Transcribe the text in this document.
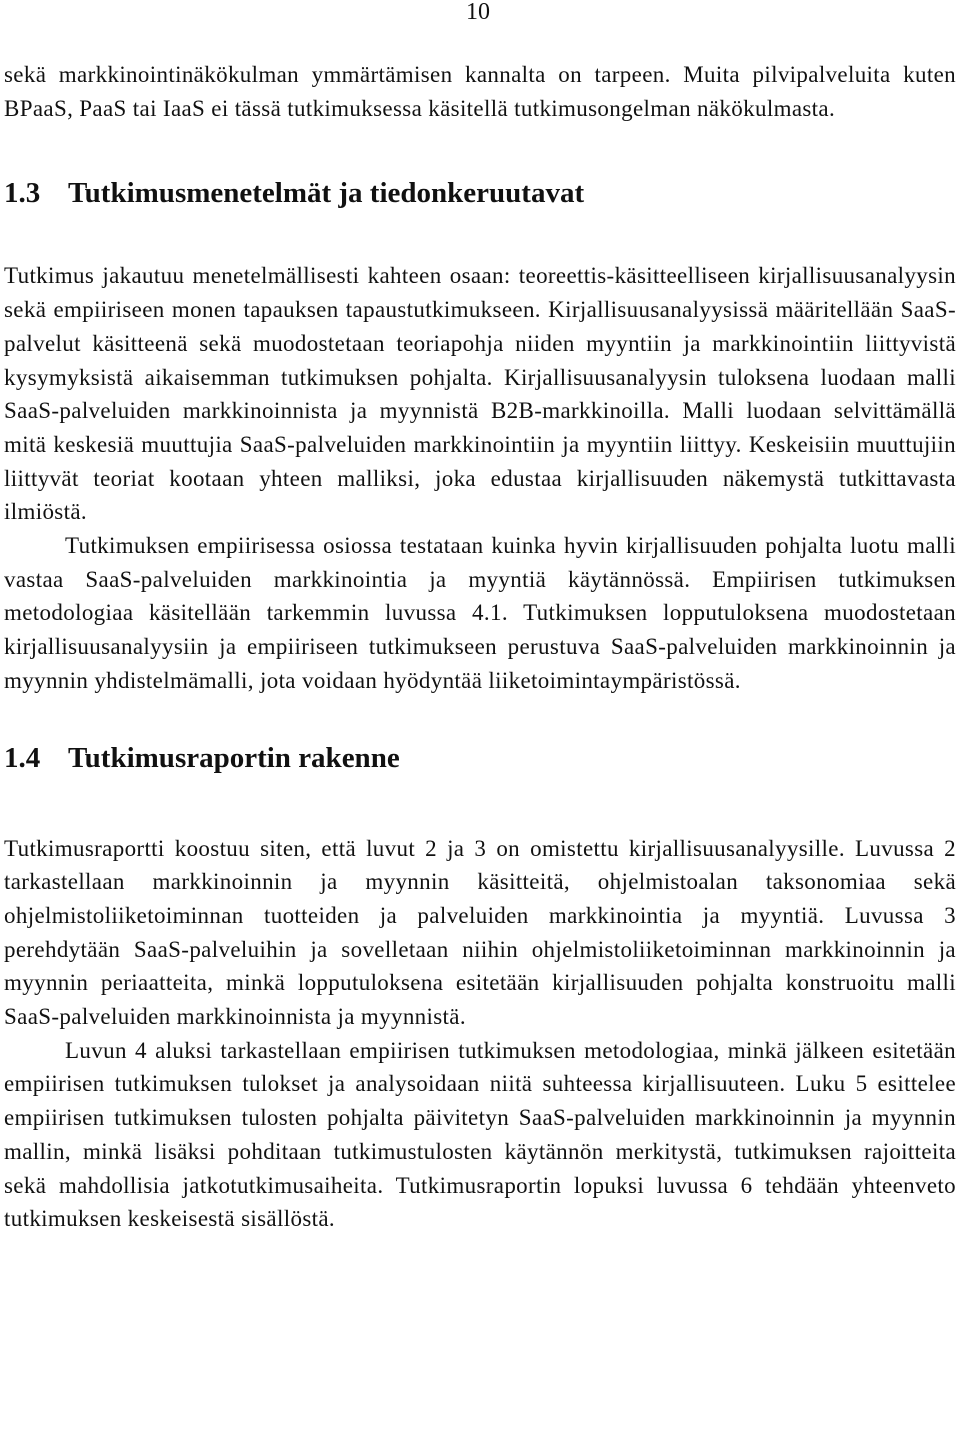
10

sekä markkinointinäkökulman ymmärtämisen kannalta on tarpeen. Muita pilvipalveluita kuten BPaaS, PaaS tai IaaS ei tässä tutkimuksessa käsitellä tutkimusongelman näkökulmasta.

1.3 Tutkimusmenetelmät ja tiedonkeruutavat

Tutkimus jakautuu menetelmällisesti kahteen osaan: teoreettis-käsitteelliseen kirjallisuusanalyysin sekä empiiriseen monen tapauksen tapaustutkimukseen. Kirjallisuusanalyysissä määritellään SaaS-palvelut käsitteenä sekä muodostetaan teoriapohja niiden myyntiin ja markkinointiin liittyvistä kysymyksistä aikaisemman tutkimuksen pohjalta. Kirjallisuusanalyysin tuloksena luodaan malli SaaS-palveluiden markkinoinnista ja myynnistä B2B-markkinoilla. Malli luodaan selvittämällä mitä keskesiä muuttujia SaaS-palveluiden markkinointiin ja myyntiin liittyy. Keskeisiin muuttujiin liittyvät teoriat kootaan yhteen malliksi, joka edustaa kirjallisuuden näkemystä tutkittavasta ilmiöstä.

Tutkimuksen empiirisessa osiossa testataan kuinka hyvin kirjallisuuden pohjalta luotu malli vastaa SaaS-palveluiden markkinointia ja myyntiä käytännössä. Empiirisen tutkimuksen metodologiaa käsitellään tarkemmin luvussa 4.1. Tutkimuksen lopputuloksena muodostetaan kirjallisuusanalyysiin ja empiiriseen tutkimukseen perustuva SaaS-palveluiden markkinoinnin ja myynnin yhdistelmämalli, jota voidaan hyödyntää liiketoimintaympäristössä.

1.4 Tutkimusraportin rakenne

Tutkimusraportti koostuu siten, että luvut 2 ja 3 on omistettu kirjallisuusanalyysille. Luvussa 2 tarkastellaan markkinoinnin ja myynnin käsitteitä, ohjelmistoalan taksonomiaa sekä ohjelmistoliiketoiminnan tuotteiden ja palveluiden markkinointia ja myyntiä. Luvussa 3 perehdytään SaaS-palveluihin ja sovelletaan niihin ohjelmistoliiketoiminnan markkinoinnin ja myynnin periaatteita, minkä lopputuloksena esitetään kirjallisuuden pohjalta konstruoitu malli SaaS-palveluiden markkinoinnista ja myynnistä.

Luvun 4 aluksi tarkastellaan empiirisen tutkimuksen metodologiaa, minkä jälkeen esitetään empiirisen tutkimuksen tulokset ja analysoidaan niitä suhteessa kirjallisuuteen. Luku 5 esittelee empiirisen tutkimuksen tulosten pohjalta päivitetyn SaaS-palveluiden markkinoinnin ja myynnin mallin, minkä lisäksi pohditaan tutkimustulosten käytännön merkitystä, tutkimuksen rajoitteita sekä mahdollisia jatkotutkimusaiheita. Tutkimusraportin lopuksi luvussa 6 tehdään yhteenveto tutkimuksen keskeisestä sisällöstä.
